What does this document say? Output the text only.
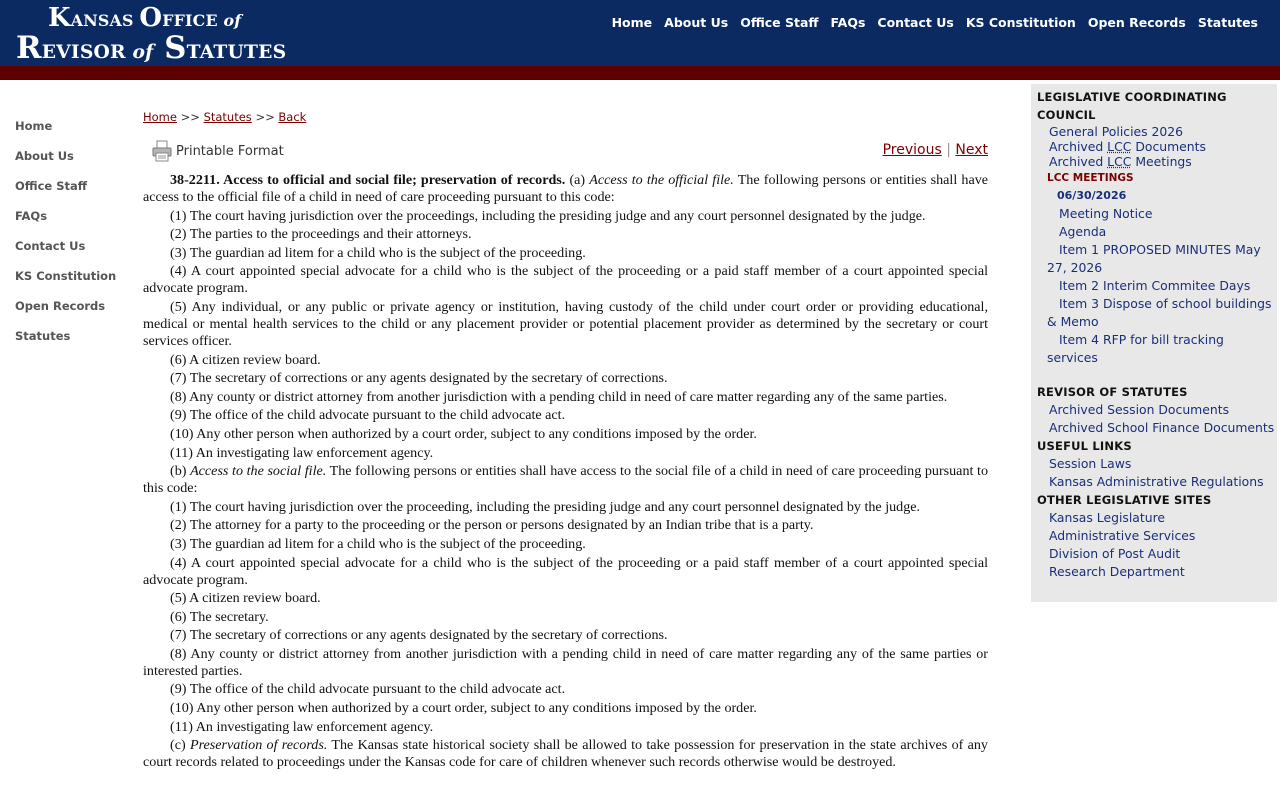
KANSAS OFFICE of
REVISOR of STATUTES
Home About Us Office Staff FAQs Contact Us KS Constitution Open Records Statutes
Home
About Us
Office Staff
FAQs
Contact Us
KS Constitution
Open Records
Statutes
Home >> Statutes >> Back
Printable Format	Previous | Next

38-2211. Access to official and social file; preservation of records. (a) Access to the official file. The following persons or entities shall have access to the official file of a child in need of care proceeding pursuant to this code:

(1) The court having jurisdiction over the proceedings, including the presiding judge and any court personnel designated by the judge.

(2) The parties to the proceedings and their attorneys.

(3) The guardian ad litem for a child who is the subject of the proceeding.

(4) A court appointed special advocate for a child who is the subject of the proceeding or a paid staff member of a court appointed special advocate program.

(5) Any individual, or any public or private agency or institution, having custody of the child under court order or providing educational, medical or mental health services to the child or any placement provider or potential placement provider as determined by the secretary or court services officer.

(6) A citizen review board.

(7) The secretary of corrections or any agents designated by the secretary of corrections.

(8) Any county or district attorney from another jurisdiction with a pending child in need of care matter regarding any of the same parties.

(9) The office of the child advocate pursuant to the child advocate act.

(10) Any other person when authorized by a court order, subject to any conditions imposed by the order.

(11) An investigating law enforcement agency.

(b) Access to the social file. The following persons or entities shall have access to the social file of a child in need of care proceeding pursuant to this code:

(1) The court having jurisdiction over the proceeding, including the presiding judge and any court personnel designated by the judge.

(2) The attorney for a party to the proceeding or the person or persons designated by an Indian tribe that is a party.

(3) The guardian ad litem for a child who is the subject of the proceeding.

(4) A court appointed special advocate for a child who is the subject of the proceeding or a paid staff member of a court appointed special advocate program.

(5) A citizen review board.

(6) The secretary.

(7) The secretary of corrections or any agents designated by the secretary of corrections.

(8) Any county or district attorney from another jurisdiction with a pending child in need of care matter regarding any of the same parties or interested parties.

(9) The office of the child advocate pursuant to the child advocate act.

(10) Any other person when authorized by a court order, subject to any conditions imposed by the order.

(11) An investigating law enforcement agency.

(c) Preservation of records. The Kansas state historical society shall be allowed to take possession for preservation in the state archives of any court records related to proceedings under the Kansas code for care of children whenever such records otherwise would be destroyed.

LEGISLATIVE COORDINATING COUNCIL
General Policies 2026
Archived LCC Documents
Archived LCC Meetings
LCC MEETINGS
06/30/2026
Meeting Notice
Agenda
Item 1 PROPOSED MINUTES May 27, 2026
Item 2 Interim Commitee Days
Item 3 Dispose of school buildings & Memo
Item 4 RFP for bill tracking services
REVISOR OF STATUTES
Archived Session Documents
Archived School Finance Documents
USEFUL LINKS
Session Laws
Kansas Administrative Regulations
OTHER LEGISLATIVE SITES
Kansas Legislature
Administrative Services
Division of Post Audit
Research Department
